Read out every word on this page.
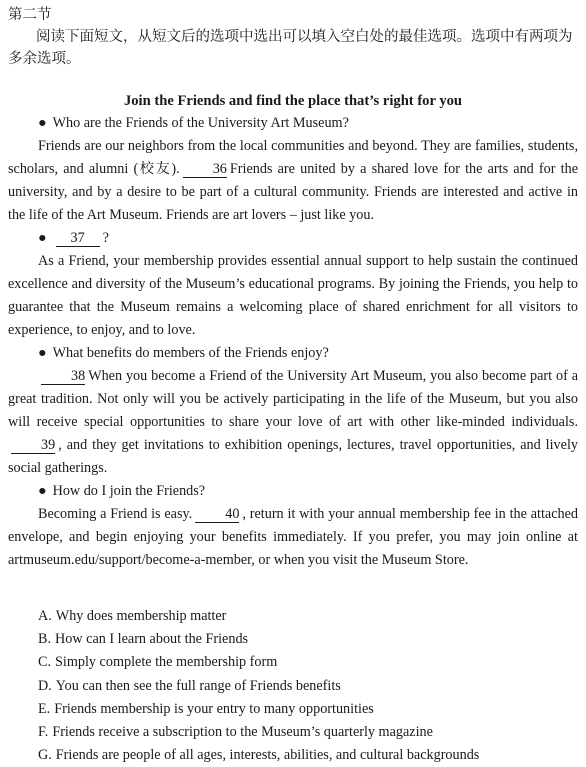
第二节

阅读下面短文，从短文后的选项中选出可以填入空白处的最佳选项。选项中有两项为多余选项。

Join the Friends and find the place that’s right for you

● Who are the Friends of the University Art Museum?

Friends are our neighbors from the local communities and beyond. They are families, students, scholars, and alumni (校友). 36 Friends are united by a shared love for the arts and for the university, and by a desire to be part of a cultural community. Friends are interested and active in the life of the Art Museum. Friends are art lovers – just like you.

● 37 ?

As a Friend, your membership provides essential annual support to help sustain the continued excellence and diversity of the Museum’s educational programs. By joining the Friends, you help to guarantee that the Museum remains a welcoming place of shared enrichment for all visitors to experience, to enjoy, and to love.

● What benefits do members of the Friends enjoy?

38 When you become a Friend of the University Art Museum, you also become part of a great tradition. Not only will you be actively participating in the life of the Museum, but you also will receive special opportunities to share your love of art with other like-minded individuals.39 , and they get invitations to exhibition openings, lectures, travel opportunities, and lively social gatherings.

● How do I join the Friends?

Becoming a Friend is easy. 40 , return it with your annual membership fee in the attached envelope, and begin enjoying your benefits immediately. If you prefer, you may join online at artmuseum.edu/support/become-a-member, or when you visit the Museum Store.

A. Why does membership matter
B. How can I learn about the Friends
C. Simply complete the membership form
D. You can then see the full range of Friends benefits
E. Friends membership is your entry to many opportunities
F. Friends receive a subscription to the Museum’s quarterly magazine
G. Friends are people of all ages, interests, abilities, and cultural backgrounds
